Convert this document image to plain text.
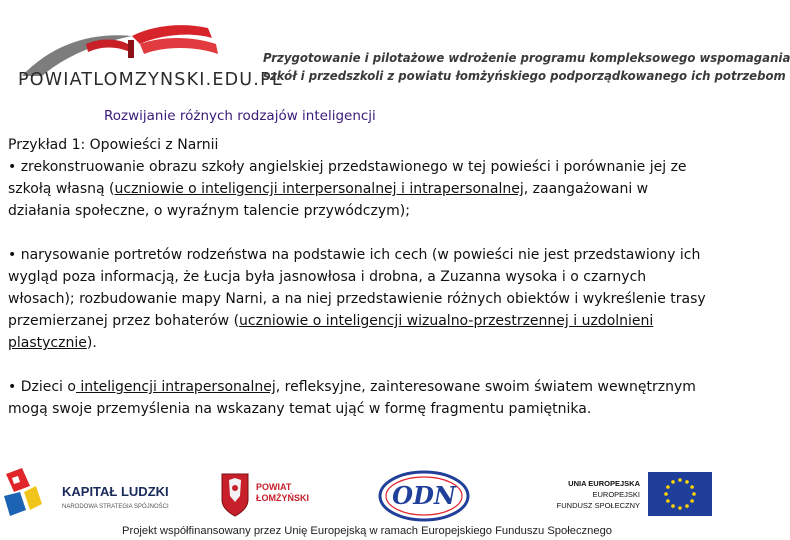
POWIATLOMZYNSKI.EDU.PL
Przygotowanie i pilotażowe wdrożenie programu kompleksowego wspomagania
szkół i przedszkoli z powiatu łomżyńskiego podporządkowanego ich potrzebom
Rozwijanie różnych rodzajów inteligencji

Przykład 1: Opowieści z Narnii

• zrekonstruowanie obrazu szkoły angielskiej przedstawionego w tej powieści i porównanie jej ze szkołą własną (uczniowie o inteligencji interpersonalnej i intrapersonalnej, zaangażowani w działania społeczne, o wyraźnym talencie przywódczym);

• narysowanie portretów rodzeństwa na podstawie ich cech (w powieści nie jest przedstawiony ich wygląd poza informacją, że Łucja była jasnowłosa i drobna, a Zuzanna wysoka i o czarnych włosach); rozbudowanie mapy Narni, a na niej przedstawienie różnych obiektów i wykreślenie trasy przemierzanej przez bohaterów (uczniowie o inteligencji wizualno-przestrzennej i uzdolnieni plastycznie).

• Dzieci o inteligencji intrapersonalnej, refleksyjne, zainteresowane swoim światem wewnętrznym mogą swoje przemyślenia na wskazany temat ująć w formę fragmentu pamiętnika.

KAPITAŁ LUDZKI
NARODOWA STRATEGIA SPÓJNOŚCI
POWIAT
ŁOMŻYŃSKI	ODN	UNIA EUROPEJSKA
EUROPEJSKI
FUNDUSZ SPOŁECZNY
Projekt współfinansowany przez Unię Europejską w ramach Europejskiego Funduszu Społecznego
